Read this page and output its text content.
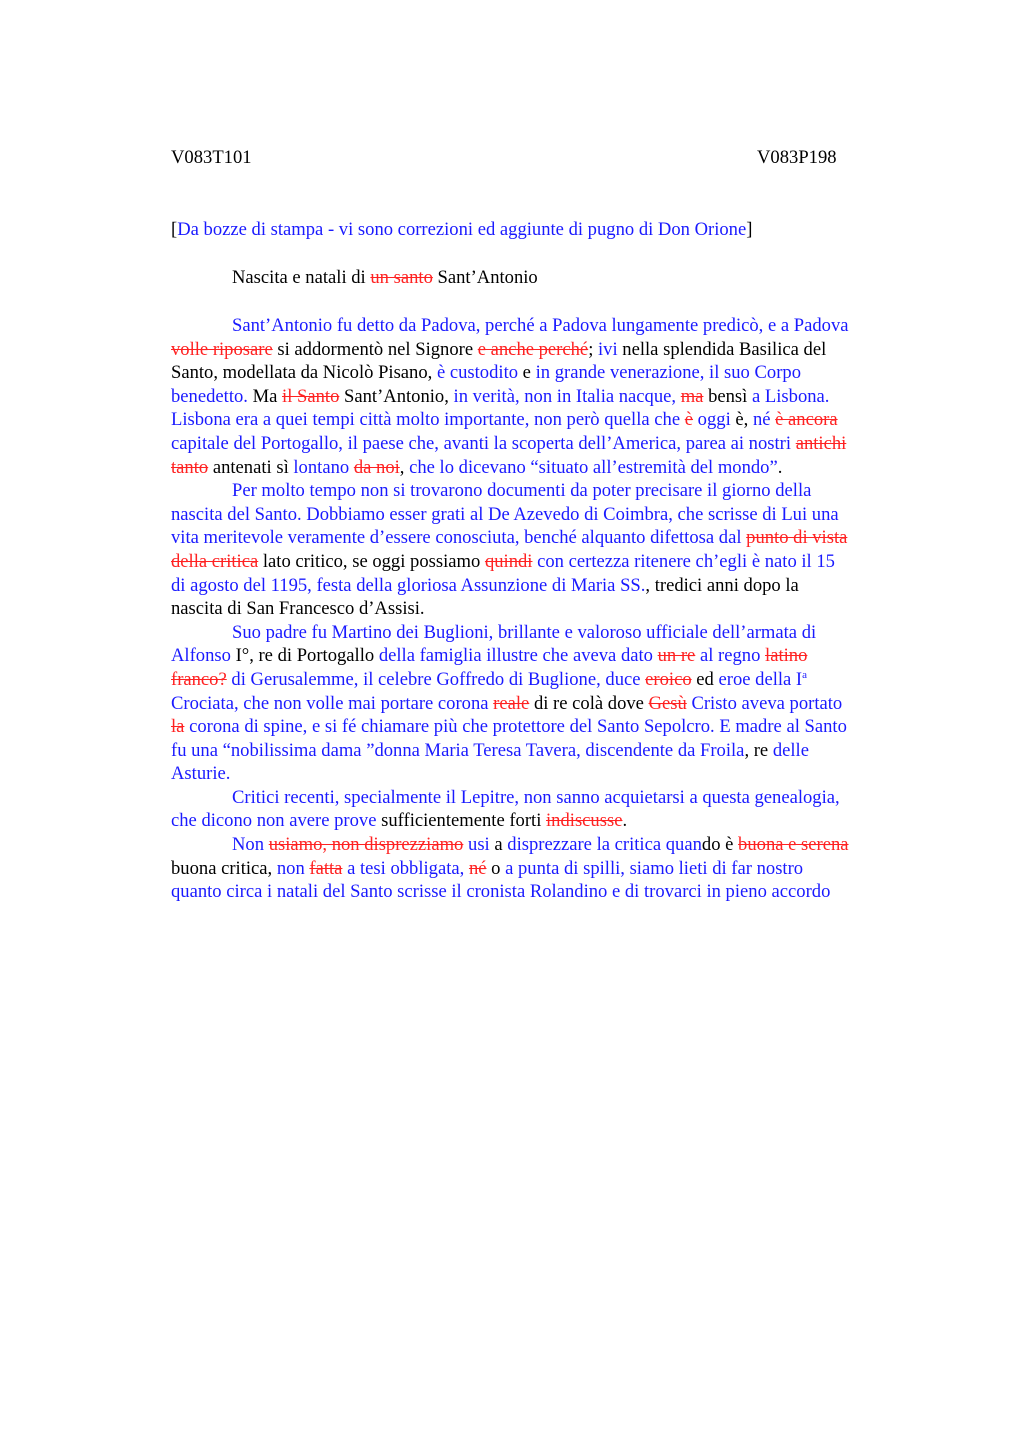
V083T101	V083P198
[Da bozze di stampa - vi sono correzioni ed aggiunte di pugno di Don Orione]
Nascita e natali di un santo Sant’Antonio
Sant’Antonio fu detto da Padova, perché a Padova lungamente predicò, e a Padova
volle riposare si addormentò nel Signore e anche perché; ivi nella splendida Basilica del
Santo, modellata da Nicolò Pisano, è custodito e in grande venerazione, il suo Corpo
benedetto. Ma il Santo Sant’Antonio, in verità, non in Italia nacque, ma bensì a Lisbona.
Lisbona era a quei tempi città molto importante, non però quella che è oggi è, né è ancora
capitale del Portogallo, il paese che, avanti la scoperta dell’America, parea ai nostri antichi
tanto antenati sì lontano da noi, che lo dicevano “situato all’estremità del mondo”.
Per molto tempo non si trovarono documenti da poter precisare il giorno della
nascita del Santo. Dobbiamo esser grati al De Azevedo di Coimbra, che scrisse di Lui una
vita meritevole veramente d’essere conosciuta, benché alquanto difettosa dal punto di vista
della critica lato critico, se oggi possiamo quindi con certezza ritenere ch’egli è nato il 15
di agosto del 1195, festa della gloriosa Assunzione di Maria SS., tredici anni dopo la
nascita di San Francesco d’Assisi.
Suo padre fu Martino dei Buglioni, brillante e valoroso ufficiale dell’armata di
Alfonso I°, re di Portogallo della famiglia illustre che aveva dato un re al regno latino
franco? di Gerusalemme, il celebre Goffredo di Buglione, duce eroico ed eroe della $I^a$
Crociata, che non volle mai portare corona reale di re colà dove Gesù Cristo aveva portato
la corona di spine, e si fé chiamare più che protettore del Santo Sepolcro. E madre al Santo
fu una “nobilissima dama ”donna Maria Teresa Tavera, discendente da Froila, re delle
Asturie.
Critici recenti, specialmente il Lepitre, non sanno acquietarsi a questa genealogia,
che dicono non avere prove sufficientemente forti indiscusse.
Non usiamo, non disprezziamo usi a disprezzare la critica quando è buona e serena
buona critica, non fatta a tesi obbligata, né o a punta di spilli, siamo lieti di far nostro
quanto circa i natali del Santo scrisse il cronista Rolandino e di trovarci in pieno accordo
